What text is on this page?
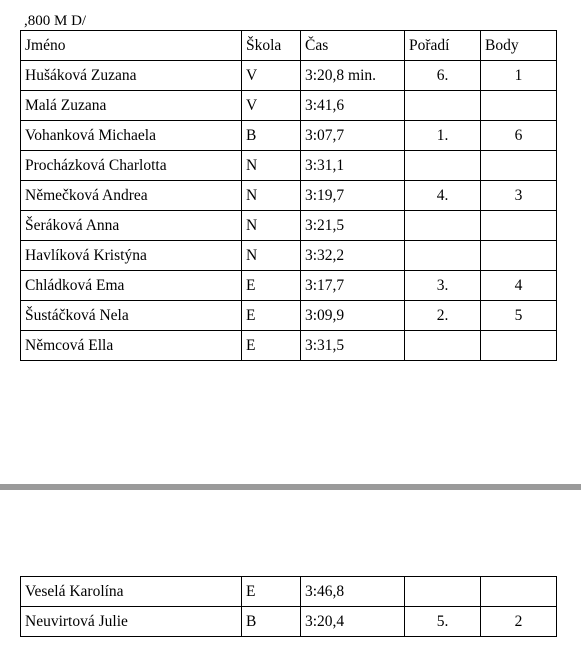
,800 M D/
Jméno	Škola	Čas	Pořadí	Body
Hušáková Zuzana	V	3:20,8 min.	6.	1
Malá Zuzana	V	3:41,6		
Vohanková Michaela	B	3:07,7	1.	6
Procházková Charlotta	N	3:31,1		
Němečková Andrea	N	3:19,7	4.	3
Šeráková Anna	N	3:21,5		
Havlíková Kristýna	N	3:32,2		
Chládková Ema	E	3:17,7	3.	4
Šustáčková Nela	E	3:09,9	2.	5
Němcová Ella	E	3:31,5		
Veselá Karolína	E	3:46,8		
Neuvirtová Julie	B	3:20,4	5.	2
